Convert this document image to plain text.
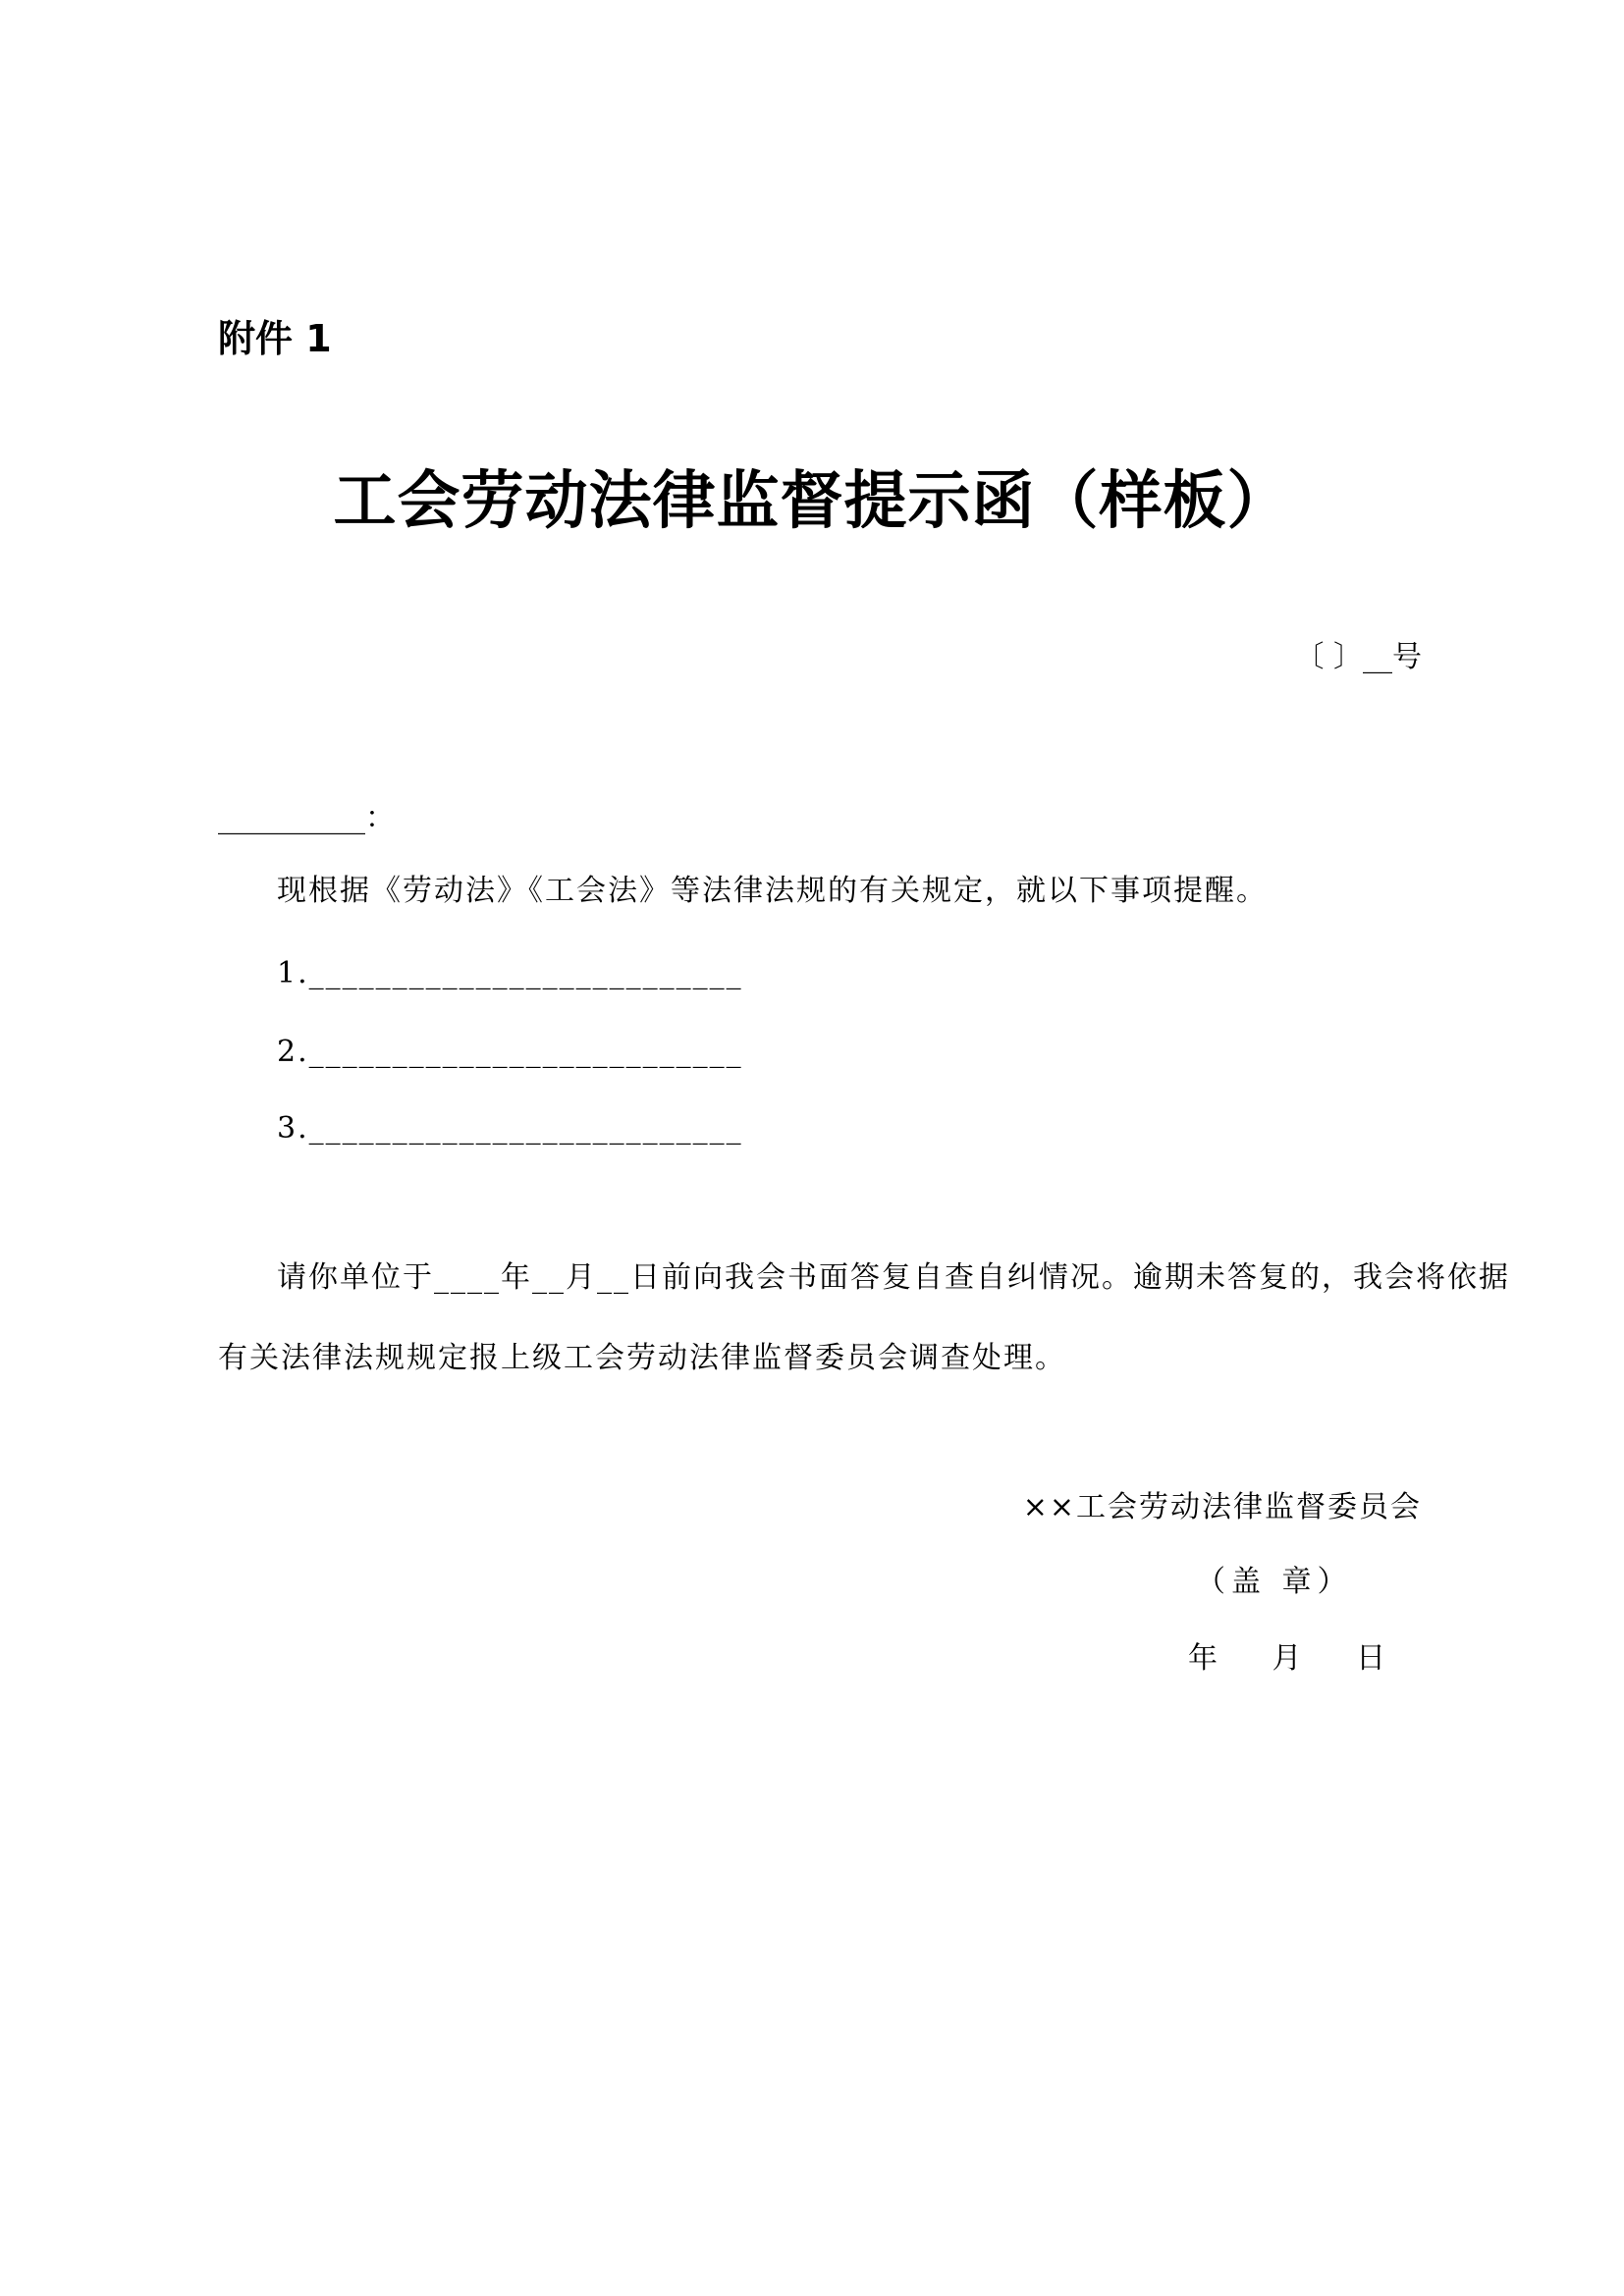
附件 1

工会劳动法律监督提示函（样板）

〔 〕__号

__________：

现根据《劳动法》《工会法》等法律法规的有关规定，就以下事项提醒。

1.__________________________

2.__________________________

3.__________________________

请你单位于____年__月__日前向我会书面答复自查自纠情况。逾期未答复的，我会将依据

有关法律法规规定报上级工会劳动法律监督委员会调查处理。

××工会劳动法律监督委员会

（盖 章）

年 月 日
